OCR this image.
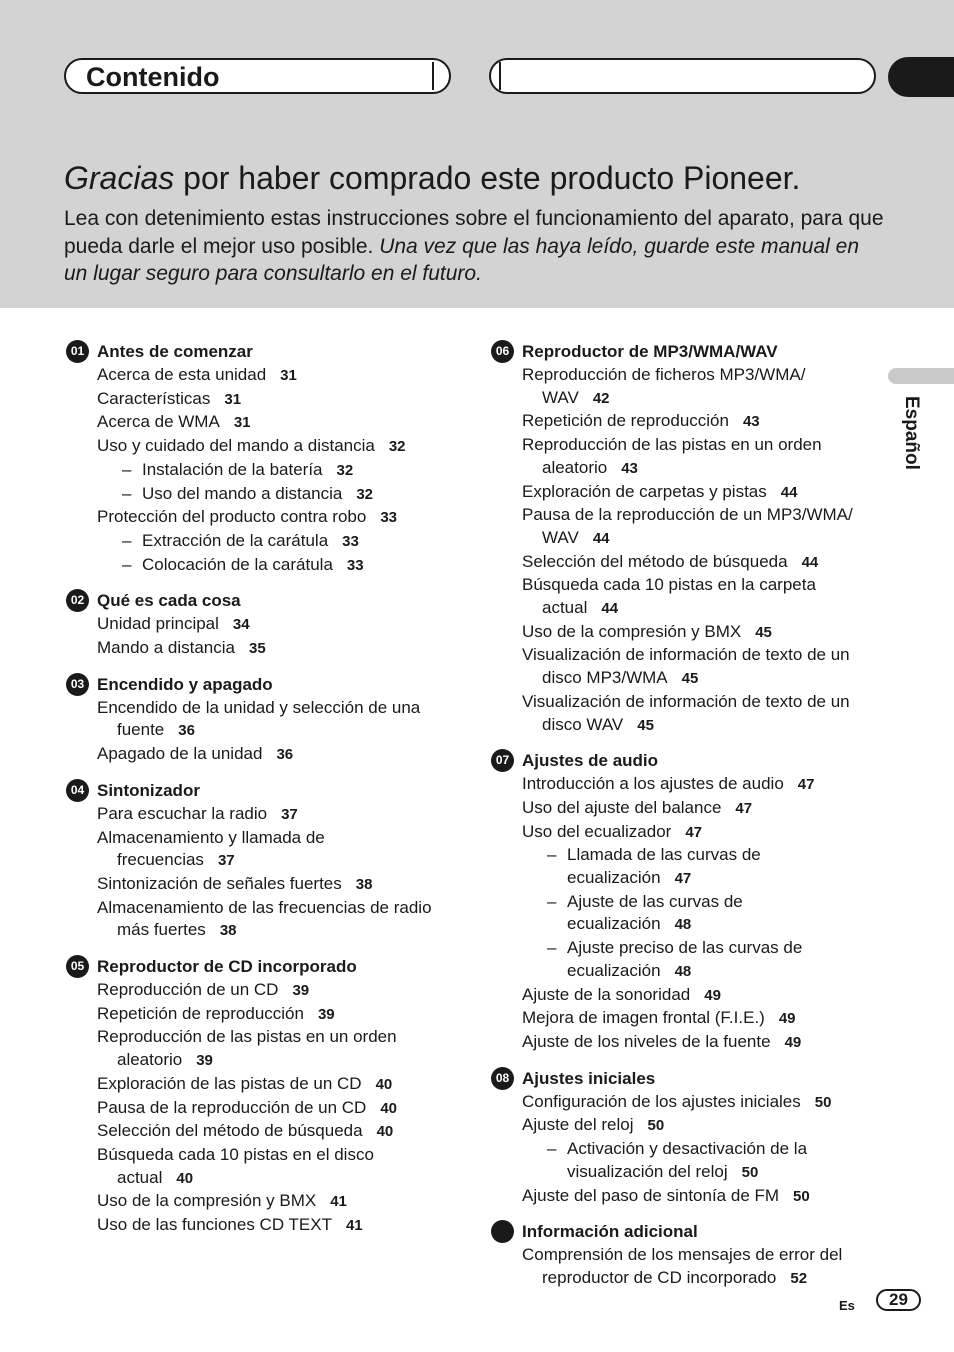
Contenido
Gracias por haber comprado este producto Pioneer.
Lea con detenimiento estas instrucciones sobre el funcionamiento del aparato, para que pueda darle el mejor uso posible. Una vez que las haya leído, guarde este manual en un lugar seguro para consultarlo en el futuro.
01 Antes de comenzar
Acerca de esta unidad 31
Características 31
Acerca de WMA 31
Uso y cuidado del mando a distancia 32
– Instalación de la batería 32
– Uso del mando a distancia 32
Protección del producto contra robo 33
– Extracción de la carátula 33
– Colocación de la carátula 33
02 Qué es cada cosa
Unidad principal 34
Mando a distancia 35
03 Encendido y apagado
Encendido de la unidad y selección de una
fuente 36
Apagado de la unidad 36
04 Sintonizador
Para escuchar la radio 37
Almacenamiento y llamada de
frecuencias 37
Sintonización de señales fuertes 38
Almacenamiento de las frecuencias de radio
más fuertes 38
05 Reproductor de CD incorporado
Reproducción de un CD 39
Repetición de reproducción 39
Reproducción de las pistas en un orden
aleatorio 39
Exploración de las pistas de un CD 40
Pausa de la reproducción de un CD 40
Selección del método de búsqueda 40
Búsqueda cada 10 pistas en el disco
actual 40
Uso de la compresión y BMX 41
Uso de las funciones CD TEXT 41
06 Reproductor de MP3/WMA/WAV
Reproducción de ficheros MP3/WMA/
WAV 42
Repetición de reproducción 43
Reproducción de las pistas en un orden
aleatorio 43
Exploración de carpetas y pistas 44
Pausa de la reproducción de un MP3/WMA/
WAV 44
Selección del método de búsqueda 44
Búsqueda cada 10 pistas en la carpeta
actual 44
Uso de la compresión y BMX 45
Visualización de información de texto de un
disco MP3/WMA 45
Visualización de información de texto de un
disco WAV 45
07 Ajustes de audio
Introducción a los ajustes de audio 47
Uso del ajuste del balance 47
Uso del ecualizador 47
– Llamada de las curvas de
ecualización 47
– Ajuste de las curvas de
ecualización 48
– Ajuste preciso de las curvas de
ecualización 48
Ajuste de la sonoridad 49
Mejora de imagen frontal (F.I.E.) 49
Ajuste de los niveles de la fuente 49
08 Ajustes iniciales
Configuración de los ajustes iniciales 50
Ajuste del reloj 50
– Activación y desactivación de la
visualización del reloj 50
Ajuste del paso de sintonía de FM 50
Información adicional
Comprensión de los mensajes de error del
reproductor de CD incorporado 52
Español
Es	29
